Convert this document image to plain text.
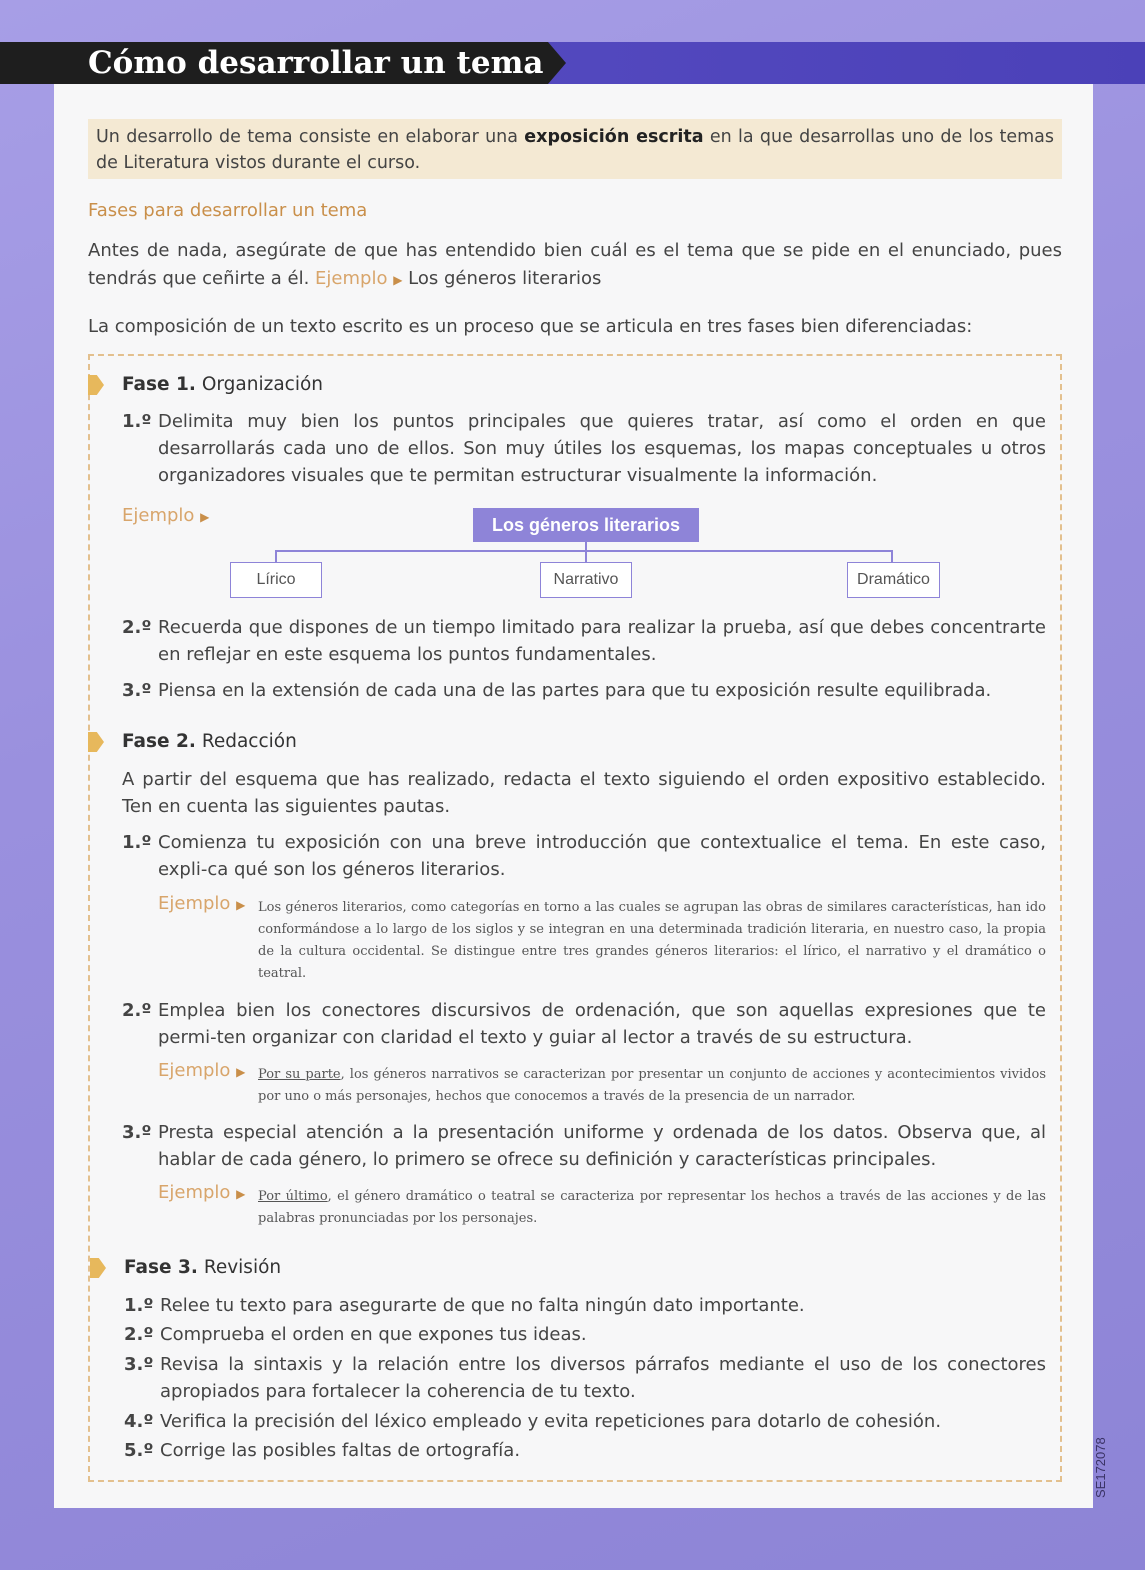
Cómo desarrollar un tema
Un desarrollo de tema consiste en elaborar una exposición escrita en la que desarrollas uno de los temas de Literatura vistos durante el curso.
Fases para desarrollar un tema
Antes de nada, asegúrate de que has entendido bien cuál es el tema que se pide en el enunciado, pues tendrás que ceñirte a él. Ejemplo ▶ Los géneros literarios
La composición de un texto escrito es un proceso que se articula en tres fases bien diferenciadas:
Fase 1. Organización
1.º Delimita muy bien los puntos principales que quieres tratar, así como el orden en que desarrollarás cada uno de ellos. Son muy útiles los esquemas, los mapas conceptuales u otros organizadores visuales que te permitan estructurar visualmente la información.
Ejemplo ▶	Los géneros literarios
Lírico	Narrativo	Dramático
2.º Recuerda que dispones de un tiempo limitado para realizar la prueba, así que debes concentrarte en reflejar en este esquema los puntos fundamentales.
3.º Piensa en la extensión de cada una de las partes para que tu exposición resulte equilibrada.
Fase 2. Redacción
A partir del esquema que has realizado, redacta el texto siguiendo el orden expositivo establecido. Ten en cuenta las siguientes pautas.
1.º Comienza tu exposición con una breve introducción que contextualice el tema. En este caso, expli-ca qué son los géneros literarios.
Ejemplo ▶ Los géneros literarios, como categorías en torno a las cuales se agrupan las obras de similares características, han ido conformándose a lo largo de los siglos y se integran en una determinada tradición literaria, en nuestro caso, la propia de la cultura occidental. Se distingue entre tres grandes géneros literarios: el lírico, el narrativo y el dramático o teatral.
2.º Emplea bien los conectores discursivos de ordenación, que son aquellas expresiones que te permi-ten organizar con claridad el texto y guiar al lector a través de su estructura.
Ejemplo ▶ Por su parte, los géneros narrativos se caracterizan por presentar un conjunto de acciones y acontecimientos vividos por uno o más personajes, hechos que conocemos a través de la presencia de un narrador.
3.º Presta especial atención a la presentación uniforme y ordenada de los datos. Observa que, al hablar de cada género, lo primero se ofrece su definición y características principales.
Ejemplo ▶ Por último, el género dramático o teatral se caracteriza por representar los hechos a través de las acciones y de las palabras pronunciadas por los personajes.
Fase 3. Revisión
1.º Relee tu texto para asegurarte de que no falta ningún dato importante.
2.º Comprueba el orden en que expones tus ideas.
3.º Revisa la sintaxis y la relación entre los diversos párrafos mediante el uso de los conectores apropiados para fortalecer la coherencia de tu texto.
4.º Verifica la precisión del léxico empleado y evita repeticiones para dotarlo de cohesión.
5.º Corrige las posibles faltas de ortografía.	SE172078
